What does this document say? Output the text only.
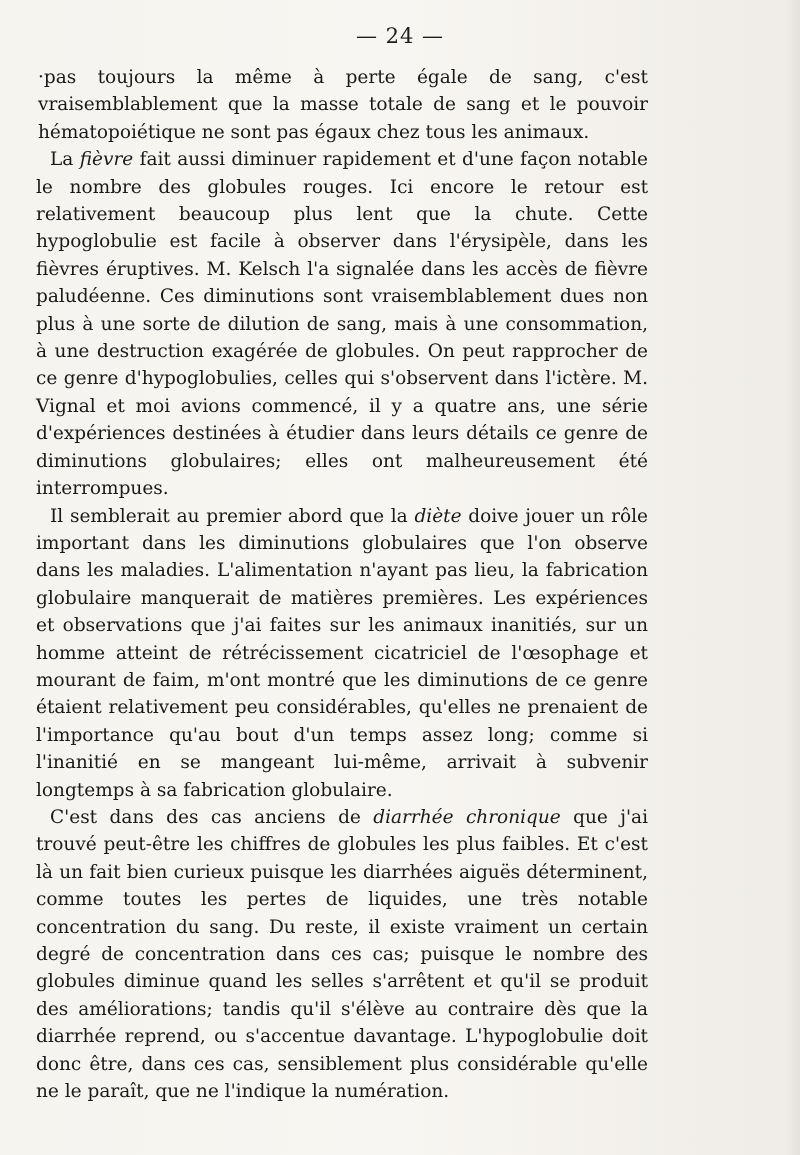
— 24 —

·pas toujours la même à perte égale de sang, c'est vraisemblablement que la masse totale de sang et le pouvoir hématopoiétique ne sont pas égaux chez tous les animaux.

La fièvre fait aussi diminuer rapidement et d'une façon notable le nombre des globules rouges. Ici encore le retour est relativement beaucoup plus lent que la chute. Cette hypoglobulie est facile à observer dans l'érysipèle, dans les fièvres éruptives. M. Kelsch l'a signalée dans les accès de fièvre paludéenne. Ces diminutions sont vraisemblablement dues non plus à une sorte de dilution de sang, mais à une consommation, à une destruction exagérée de globules. On peut rapprocher de ce genre d'hypoglobulies, celles qui s'observent dans l'ictère. M. Vignal et moi avions commencé, il y a quatre ans, une série d'expériences destinées à étudier dans leurs détails ce genre de diminutions globulaires; elles ont malheureusement été interrompues.

Il semblerait au premier abord que la diète doive jouer un rôle important dans les diminutions globulaires que l'on observe dans les maladies. L'alimentation n'ayant pas lieu, la fabrication globulaire manquerait de matières premières. Les expériences et observations que j'ai faites sur les animaux inanitiés, sur un homme atteint de rétrécissement cicatriciel de l'œsophage et mourant de faim, m'ont montré que les diminutions de ce genre étaient relativement peu considérables, qu'elles ne prenaient de l'importance qu'au bout d'un temps assez long; comme si l'inanitié en se mangeant lui-même, arrivait à subvenir longtemps à sa fabrication globulaire.

C'est dans des cas anciens de diarrhée chronique que j'ai trouvé peut-être les chiffres de globules les plus faibles. Et c'est là un fait bien curieux puisque les diarrhées aiguës déterminent, comme toutes les pertes de liquides, une très notable concentration du sang. Du reste, il existe vraiment un certain degré de concentration dans ces cas; puisque le nombre des globules diminue quand les selles s'arrêtent et qu'il se produit des améliorations; tandis qu'il s'élève au contraire dès que la diarrhée reprend, ou s'accentue davantage. L'hypoglobulie doit donc être, dans ces cas, sensiblement plus considérable qu'elle ne le paraît, que ne l'indique la numération.
